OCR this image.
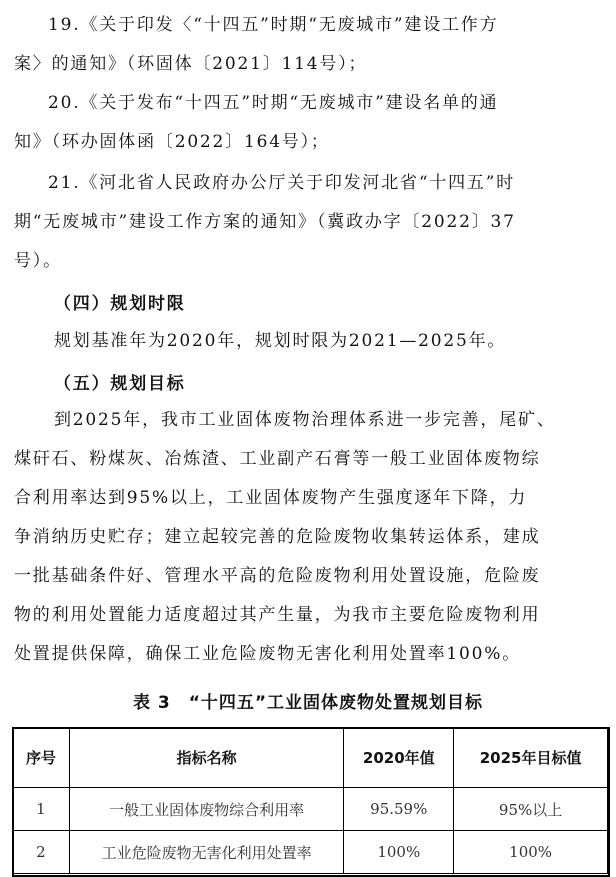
19.《关于印发〈“十四五”时期“无废城市”建设工作方
案〉的通知》（环固体〔2021〕114号）；
20.《关于发布“十四五”时期“无废城市”建设名单的通
知》（环办固体函〔2022〕164号）；
21.《河北省人民政府办公厅关于印发河北省“十四五”时
期“无废城市”建设工作方案的通知》（冀政办字〔2022〕37
号）。
（四）规划时限
规划基准年为2020年，规划时限为2021—2025年。
（五）规划目标
到2025年，我市工业固体废物治理体系进一步完善，尾矿、
煤矸石、粉煤灰、冶炼渣、工业副产石膏等一般工业固体废物综
合利用率达到95%以上，工业固体废物产生强度逐年下降，力
争消纳历史贮存；建立起较完善的危险废物收集转运体系，建成
一批基础条件好、管理水平高的危险废物利用处置设施，危险废
物的利用处置能力适度超过其产生量，为我市主要危险废物利用
处置提供保障，确保工业危险废物无害化利用处置率100%。
表 3　“十四五”工业固体废物处置规划目标
序号	指标名称	2020年值	2025年目标值
1	一般工业固体废物综合利用率	95.59%	95%以上
2	工业危险废物无害化利用处置率	100%	100%
